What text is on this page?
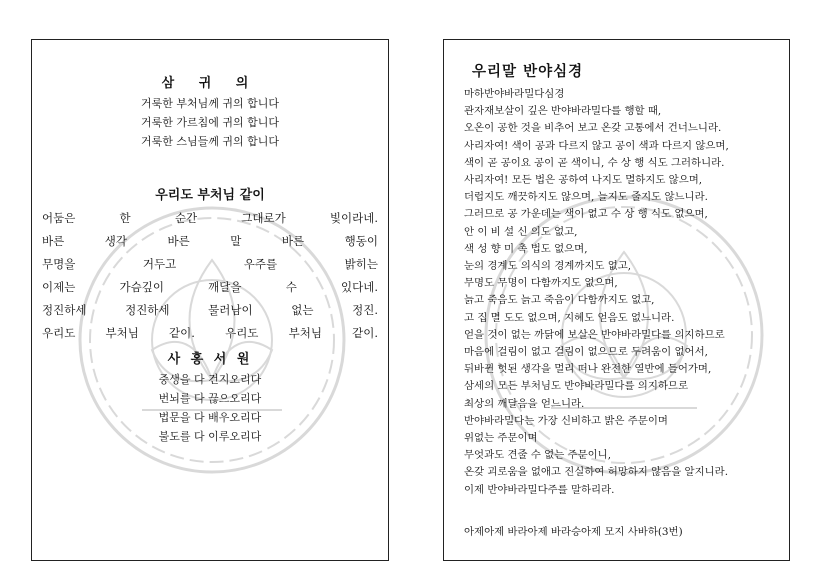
삼 귀 의
거룩한 부처님께 귀의 합니다
거룩한 가르침에 귀의 합니다
거룩한 스님들께 귀의 합니다
우리도 부처님 같이
어둠은 한 순간 그대로가 빛이라네.
바른 생각 바른 말 바른 행동이
무명을 거두고 우주를 밝히는
이제는 가슴깊이 깨달을 수 있다네.
정진하세 정진하세 물러남이 없는 정진.
우리도 부처님 같이. 우리도 부처님 같이.
사 홍 서 원
중생을 다 건지오리다
번뇌를 다 끊으오리다
법문을 다 배우오리다
불도를 다 이루오리다
우리말 반야심경
마하반야바라밀다심경
관자재보살이 깊은 반야바라밀다를 행할 때,
오온이 공한 것을 비추어 보고 온갖 고통에서 건너느니라.
사리자여! 색이 공과 다르지 않고 공이 색과 다르지 않으며,
색이 곧 공이요 공이 곧 색이니, 수 상 행 식도 그러하니라.
사리자여! 모든 법은 공하여 나지도 멸하지도 않으며,
더럽지도 깨끗하지도 않으며, 늘지도 줄지도 않느니라.
그러므로 공 가운데는 색이 없고 수 상 행 식도 없으며,
안 이 비 설 신 의도 없고,
색 성 향 미 촉 법도 없으며,
눈의 경계도 의식의 경계까지도 없고,
무명도 무명이 다함까지도 없으며,
늙고 죽음도 늙고 죽음이 다함까지도 없고,
고 집 멸 도도 없으며, 지혜도 얻음도 없느니라.
얻을 것이 없는 까닭에 보살은 반야바라밀다를 의지하므로
마음에 걸림이 없고 걸림이 없으므로 두려움이 없어서,
뒤바뀐 헛된 생각을 멀리 떠나 완전한 열반에 들어가며,
삼세의 모든 부처님도 반야바라밀다를 의지하므로
최상의 깨달음을 얻느니라.
반야바라밀다는 가장 신비하고 밝은 주문이며
위없는 주문이며
무엇과도 견줄 수 없는 주문이니,
온갖 괴로움을 없애고 진실하여 허망하지 않음을 알지니라.
이제 반야바라밀다주를 말하리라.
아제아제 바라아제 바라승아제 모지 사바하(3번)
